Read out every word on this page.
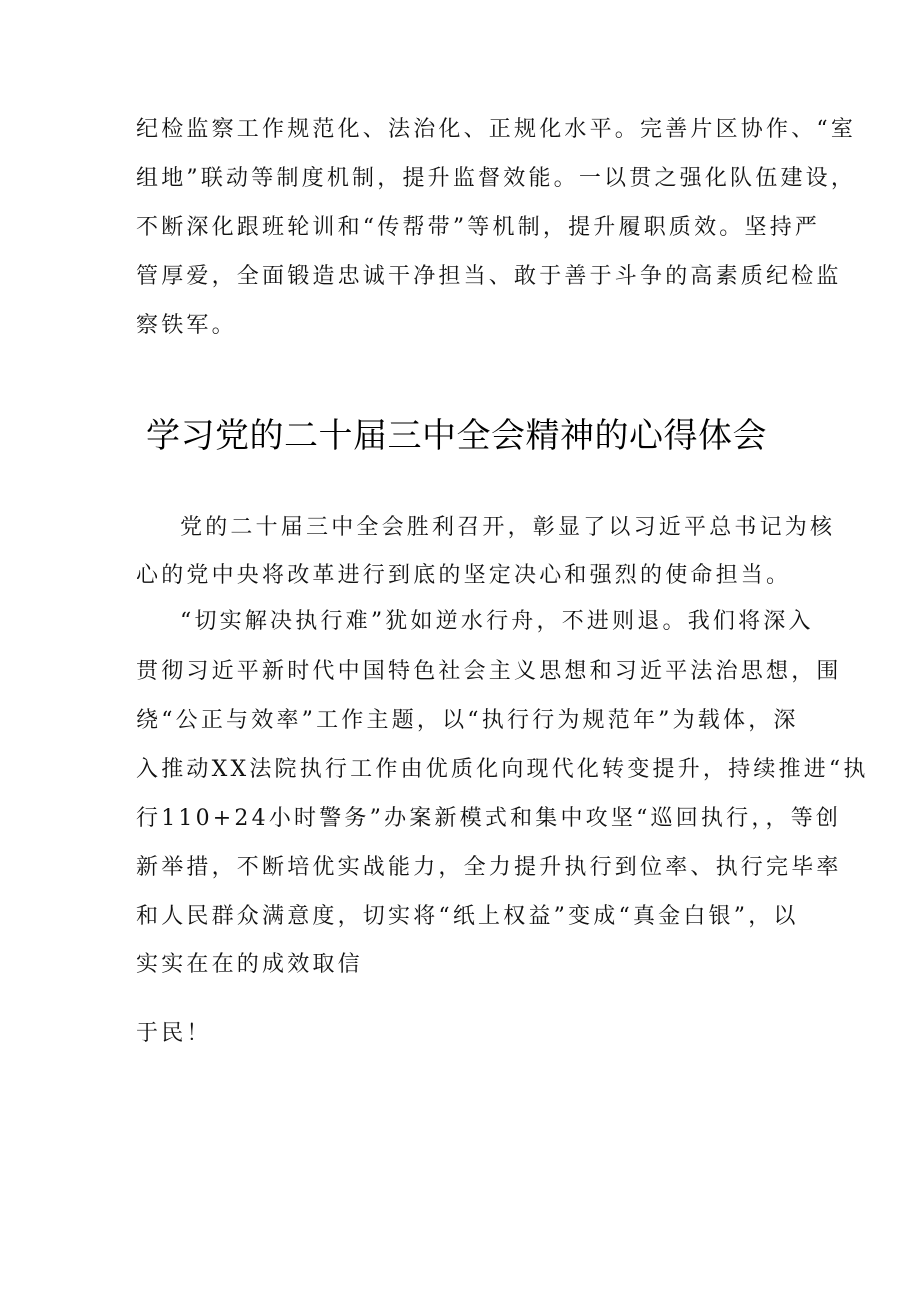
纪检监察工作规范化、法治化、正规化水平。完善片区协作、“室
组地”联动等制度机制，提升监督效能。一以贯之强化队伍建设，
不断深化跟班轮训和“传帮带”等机制，提升履职质效。坚持严
管厚爱，全面锻造忠诚干净担当、敢于善于斗争的高素质纪检监
察铁军。
学习党的二十届三中全会精神的心得体会
党的二十届三中全会胜利召开，彰显了以习近平总书记为核
心的党中央将改革进行到底的坚定决心和强烈的使命担当。
“切实解决执行难”犹如逆水行舟，不进则退。我们将深入
贯彻习近平新时代中国特色社会主义思想和习近平法治思想，围
绕“公正与效率”工作主题，以“执行行为规范年”为载体，深
入推动XX法院执行工作由优质化向现代化转变提升，持续推进“执
行110+24小时警务”办案新模式和集中攻坚“巡回执行，，等创
新举措，不断培优实战能力，全力提升执行到位率、执行完毕率
和人民群众满意度，切实将“纸上权益”变成“真金白银”，以
实实在在的成效取信
于民！
